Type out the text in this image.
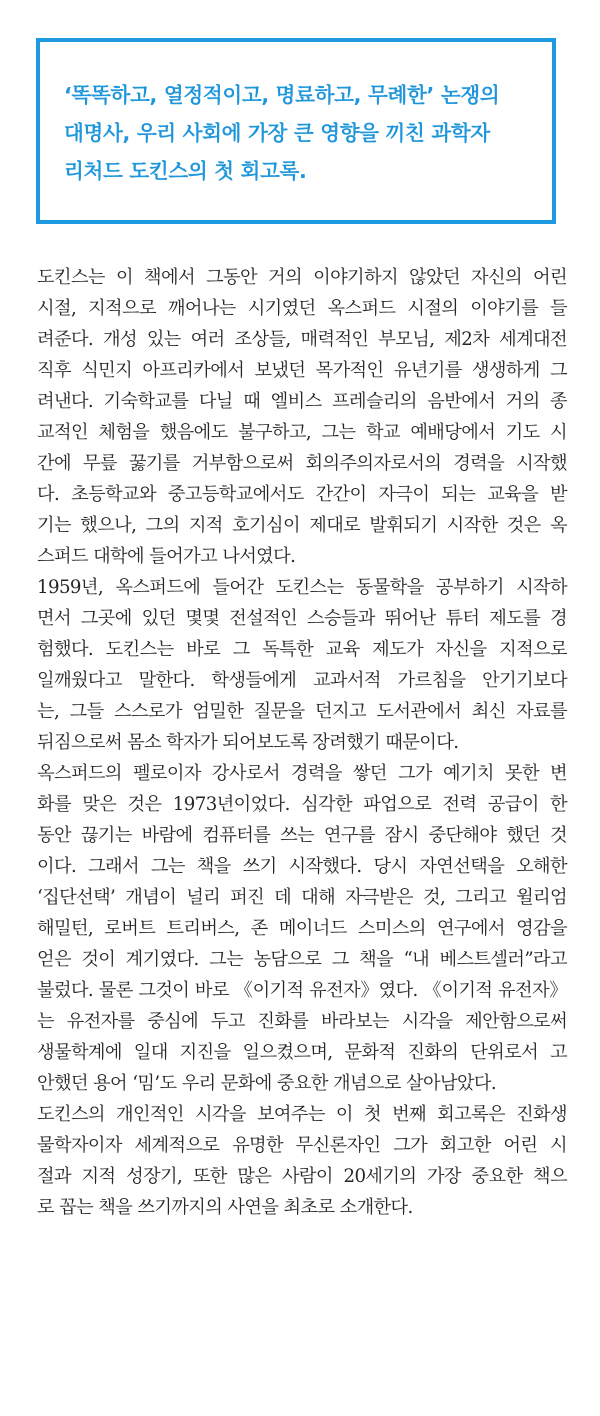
‘똑똑하고, 열정적이고, 명료하고, 무례한’ 논쟁의
대명사, 우리 사회에 가장 큰 영향을 끼친 과학자
리처드 도킨스의 첫 회고록.
도킨스는 이 책에서 그동안 거의 이야기하지 않았던 자신의 어린
시절, 지적으로 깨어나는 시기였던 옥스퍼드 시절의 이야기를 들
려준다. 개성 있는 여러 조상들, 매력적인 부모님, 제2차 세계대전
직후 식민지 아프리카에서 보냈던 목가적인 유년기를 생생하게 그
려낸다. 기숙학교를 다닐 때 엘비스 프레슬리의 음반에서 거의 종
교적인 체험을 했음에도 불구하고, 그는 학교 예배당에서 기도 시
간에 무릎 꿇기를 거부함으로써 회의주의자로서의 경력을 시작했
다. 초등학교와 중고등학교에서도 간간이 자극이 되는 교육을 받
기는 했으나, 그의 지적 호기심이 제대로 발휘되기 시작한 것은 옥
스퍼드 대학에 들어가고 나서였다.
1959년, 옥스퍼드에 들어간 도킨스는 동물학을 공부하기 시작하
면서 그곳에 있던 몇몇 전설적인 스승들과 뛰어난 튜터 제도를 경
험했다. 도킨스는 바로 그 독특한 교육 제도가 자신을 지적으로
일깨웠다고 말한다. 학생들에게 교과서적 가르침을 안기기보다
는, 그들 스스로가 엄밀한 질문을 던지고 도서관에서 최신 자료를
뒤짐으로써 몸소 학자가 되어보도록 장려했기 때문이다.
옥스퍼드의 펠로이자 강사로서 경력을 쌓던 그가 예기치 못한 변
화를 맞은 것은 1973년이었다. 심각한 파업으로 전력 공급이 한
동안 끊기는 바람에 컴퓨터를 쓰는 연구를 잠시 중단해야 했던 것
이다. 그래서 그는 책을 쓰기 시작했다. 당시 자연선택을 오해한
‘집단선택’ 개념이 널리 퍼진 데 대해 자극받은 것, 그리고 윌리엄
해밀턴, 로버트 트리버스, 존 메이너드 스미스의 연구에서 영감을
얻은 것이 계기였다. 그는 농담으로 그 책을 “내 베스트셀러”라고
불렀다. 물론 그것이 바로 《이기적 유전자》였다. 《이기적 유전자》
는 유전자를 중심에 두고 진화를 바라보는 시각을 제안함으로써
생물학계에 일대 지진을 일으켰으며, 문화적 진화의 단위로서 고
안했던 용어 ‘밈’도 우리 문화에 중요한 개념으로 살아남았다.
도킨스의 개인적인 시각을 보여주는 이 첫 번째 회고록은 진화생
물학자이자 세계적으로 유명한 무신론자인 그가 회고한 어린 시
절과 지적 성장기, 또한 많은 사람이 20세기의 가장 중요한 책으
로 꼽는 책을 쓰기까지의 사연을 최초로 소개한다.
